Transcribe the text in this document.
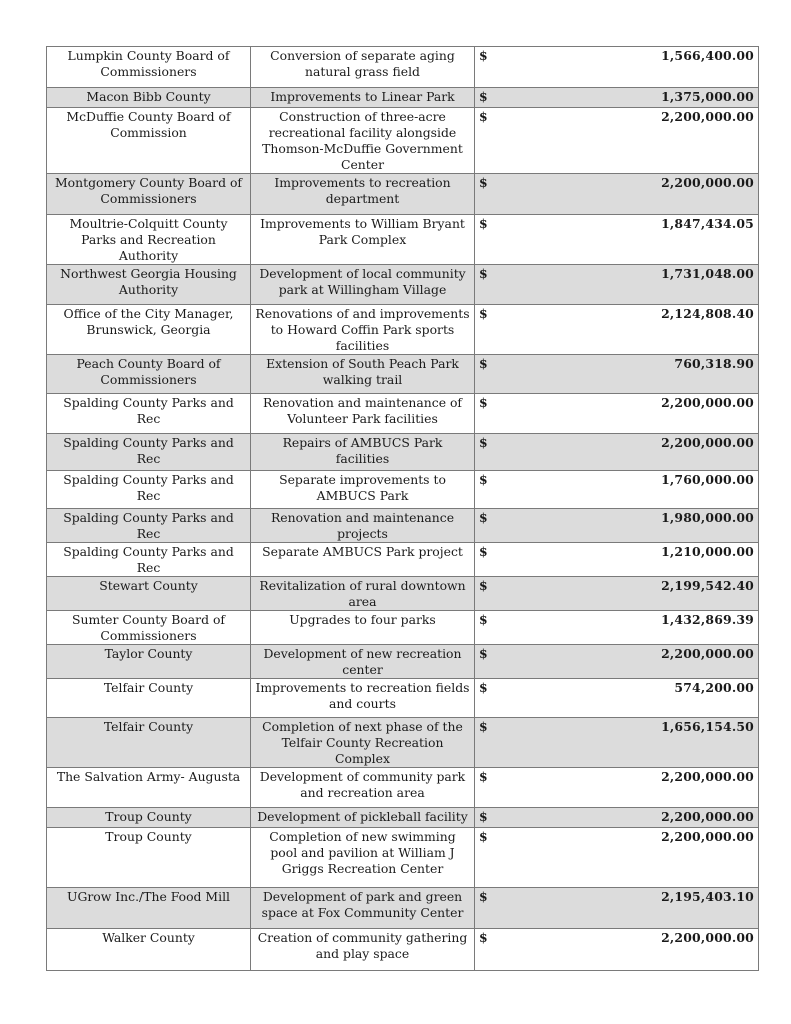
Lumpkin County Board of Commissioners	Conversion of separate aging natural grass field	$ 1,566,400.00

Macon Bibb County	Improvements to Linear Park	$ 1,375,000.00

McDuffie County Board of Commission	Construction of three-acre recreational facility alongside Thomson-McDuffie Government Center	$ 2,200,000.00

Montgomery County Board of Commissioners	Improvements to recreation department	$ 2,200,000.00

Moultrie-Colquitt County Parks and Recreation Authority	Improvements to William Bryant Park Complex	$ 1,847,434.05

Northwest Georgia Housing Authority	Development of local community park at Willingham Village	$ 1,731,048.00

Office of the City Manager, Brunswick, Georgia	Renovations of and improvements to Howard Coffin Park sports facilities	$ 2,124,808.40

Peach County Board of Commissioners	Extension of South Peach Park walking trail	$ 760,318.90

Spalding County Parks and Rec	Renovation and maintenance of Volunteer Park facilities	$ 2,200,000.00

Spalding County Parks and Rec	Repairs of AMBUCS Park facilities	$ 2,200,000.00

Spalding County Parks and Rec	Separate improvements to AMBUCS Park	$ 1,760,000.00

Spalding County Parks and Rec	Renovation and maintenance projects	$ 1,980,000.00

Spalding County Parks and Rec	Separate AMBUCS Park project	$ 1,210,000.00

Stewart County	Revitalization of rural downtown area	$ 2,199,542.40

Sumter County Board of Commissioners	Upgrades to four parks	$ 1,432,869.39

Taylor County	Development of new recreation center	$ 2,200,000.00

Telfair County	Improvements to recreation fields and courts	$ 574,200.00

Telfair County	Completion of next phase of the Telfair County Recreation Complex	$ 1,656,154.50

The Salvation Army- Augusta	Development of community park and recreation area	$ 2,200,000.00

Troup County	Development of pickleball facility	$ 2,200,000.00

Troup County	Completion of new swimming pool and pavilion at William J Griggs Recreation Center	$ 2,200,000.00

UGrow Inc./The Food Mill	Development of park and green space at Fox Community Center	$ 2,195,403.10

Walker County	Creation of community gathering and play space	$ 2,200,000.00
